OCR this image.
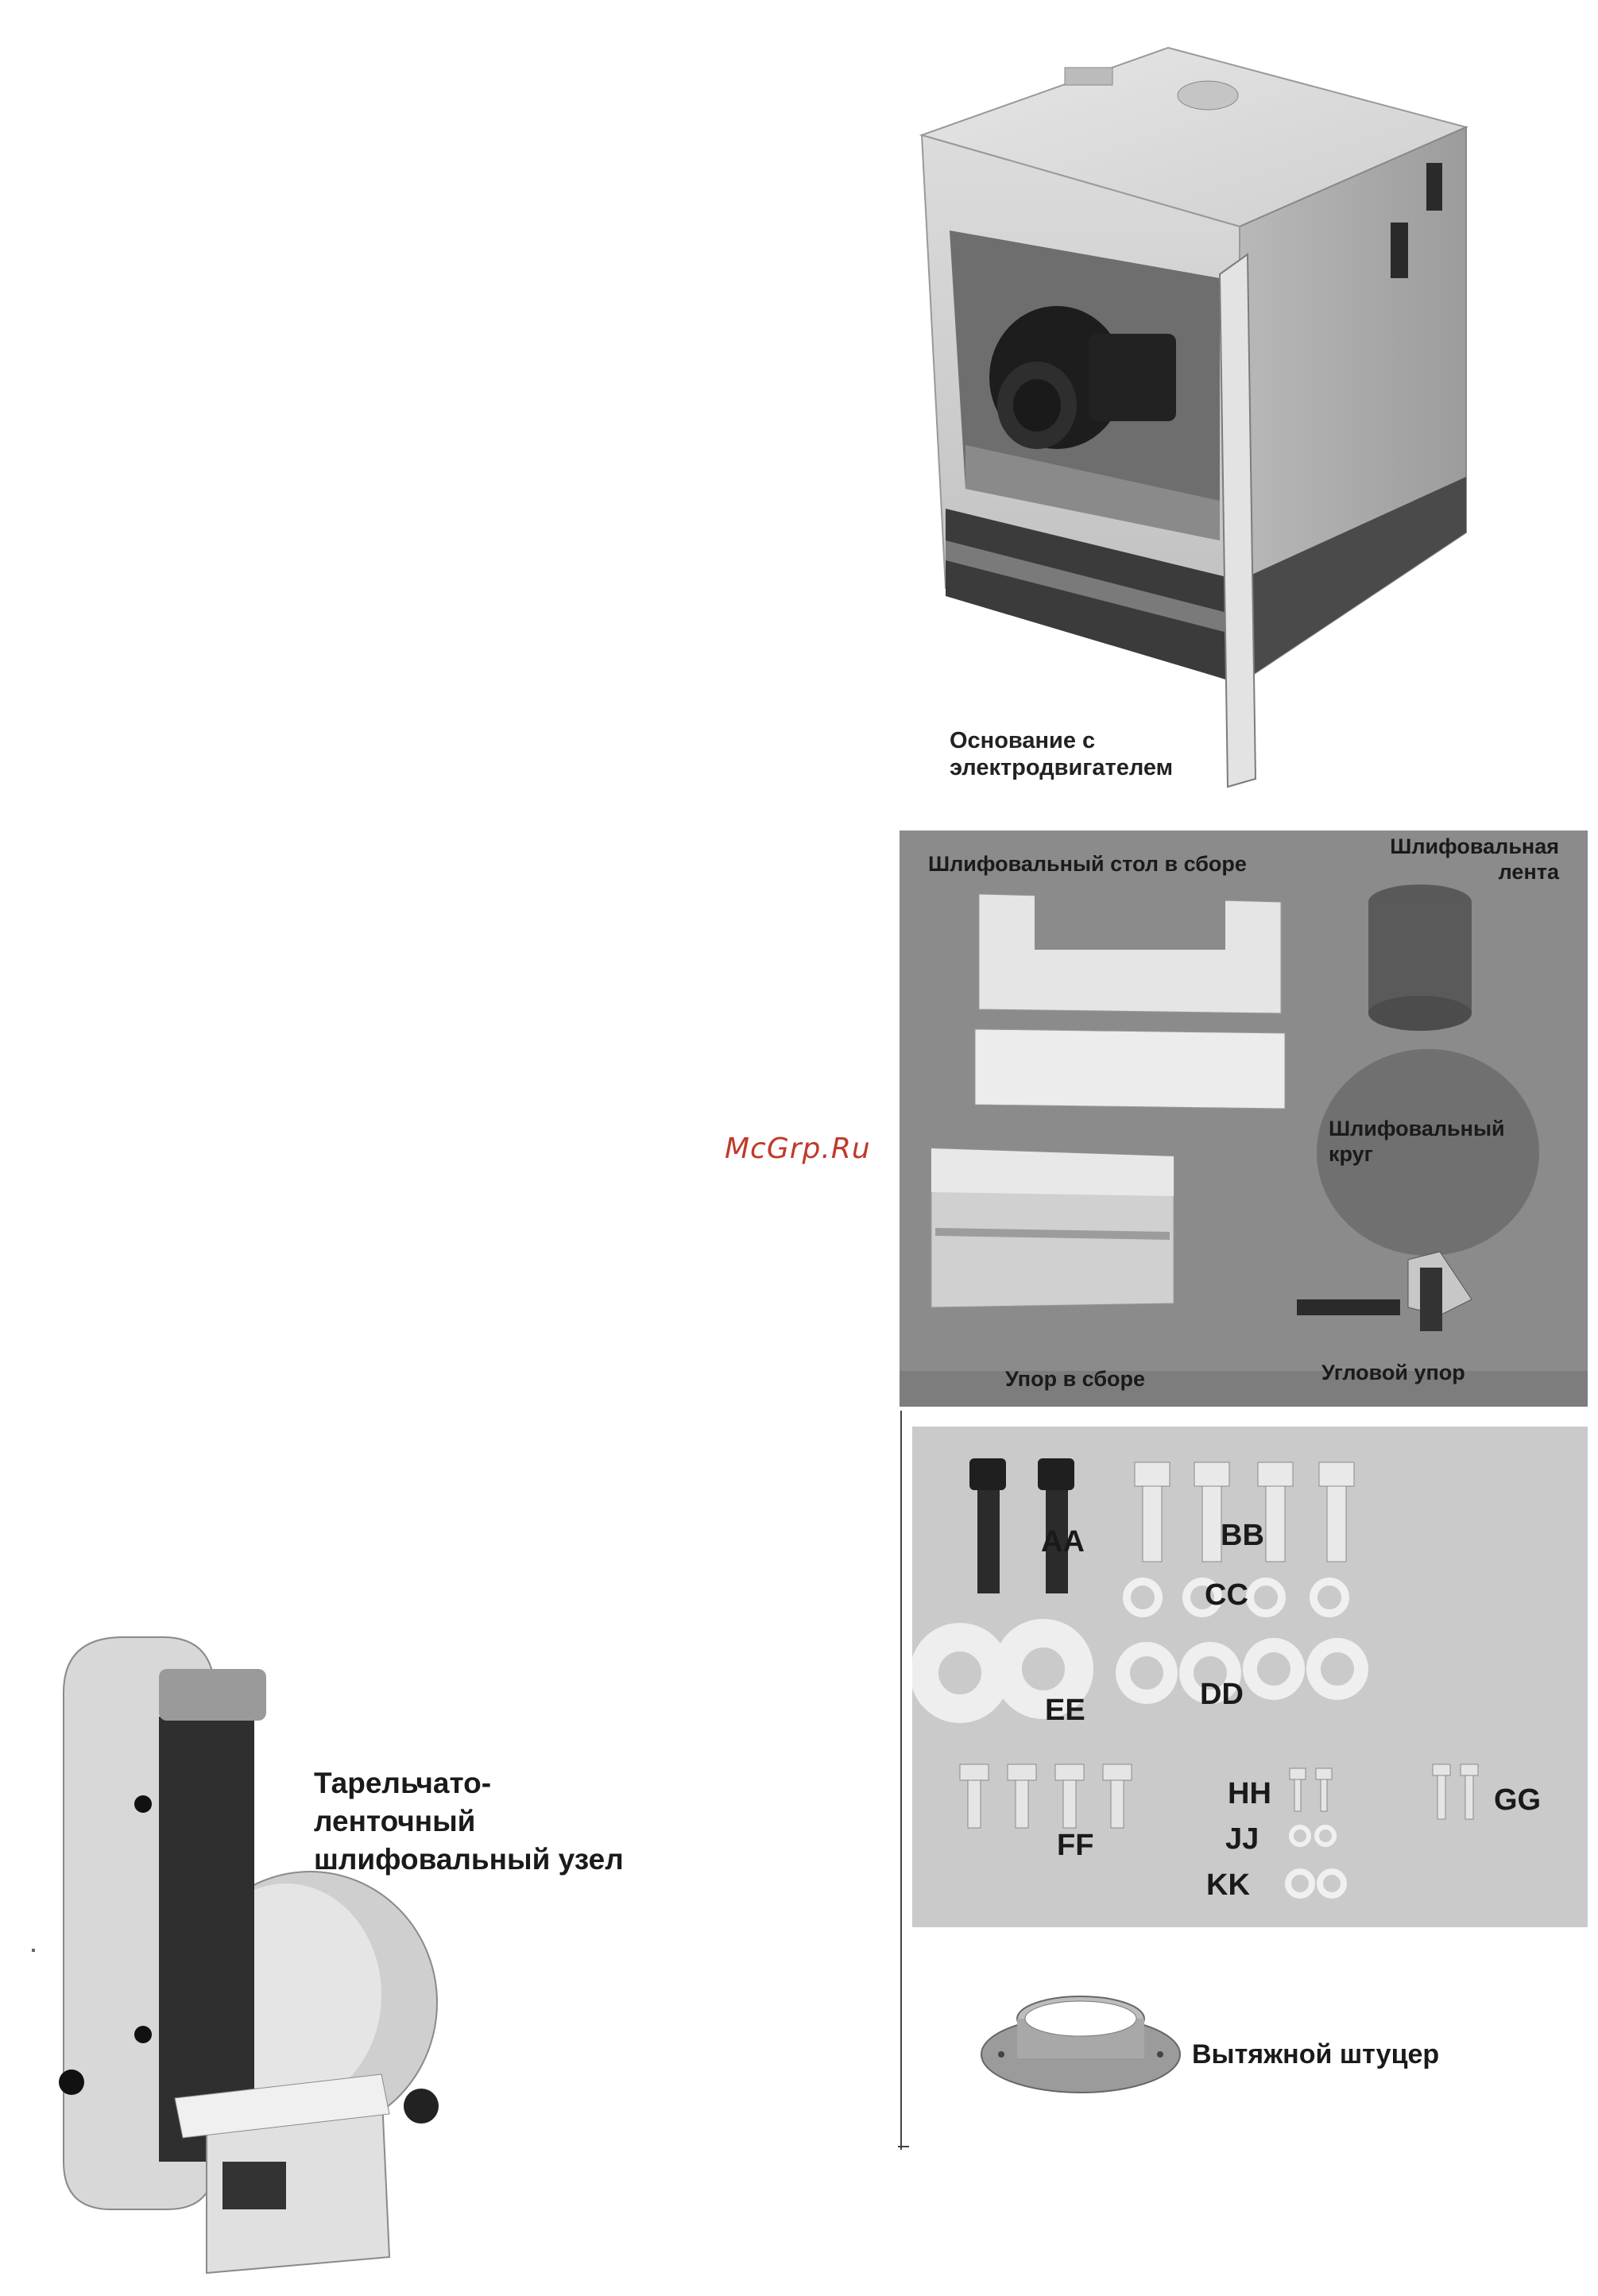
McGrp.Ru
Основание с
электродвигателем
Шлифовальный стол в сборе
Шлифовальная
лента
Шлифовальный
круг
Упор в сборе	Угловой упор
AA	BB
CC
EE	DD
FF
HH	GG
JJ
KK
Вытяжной штуцер
Тарельчато-
ленточный
шлифовальный узел
